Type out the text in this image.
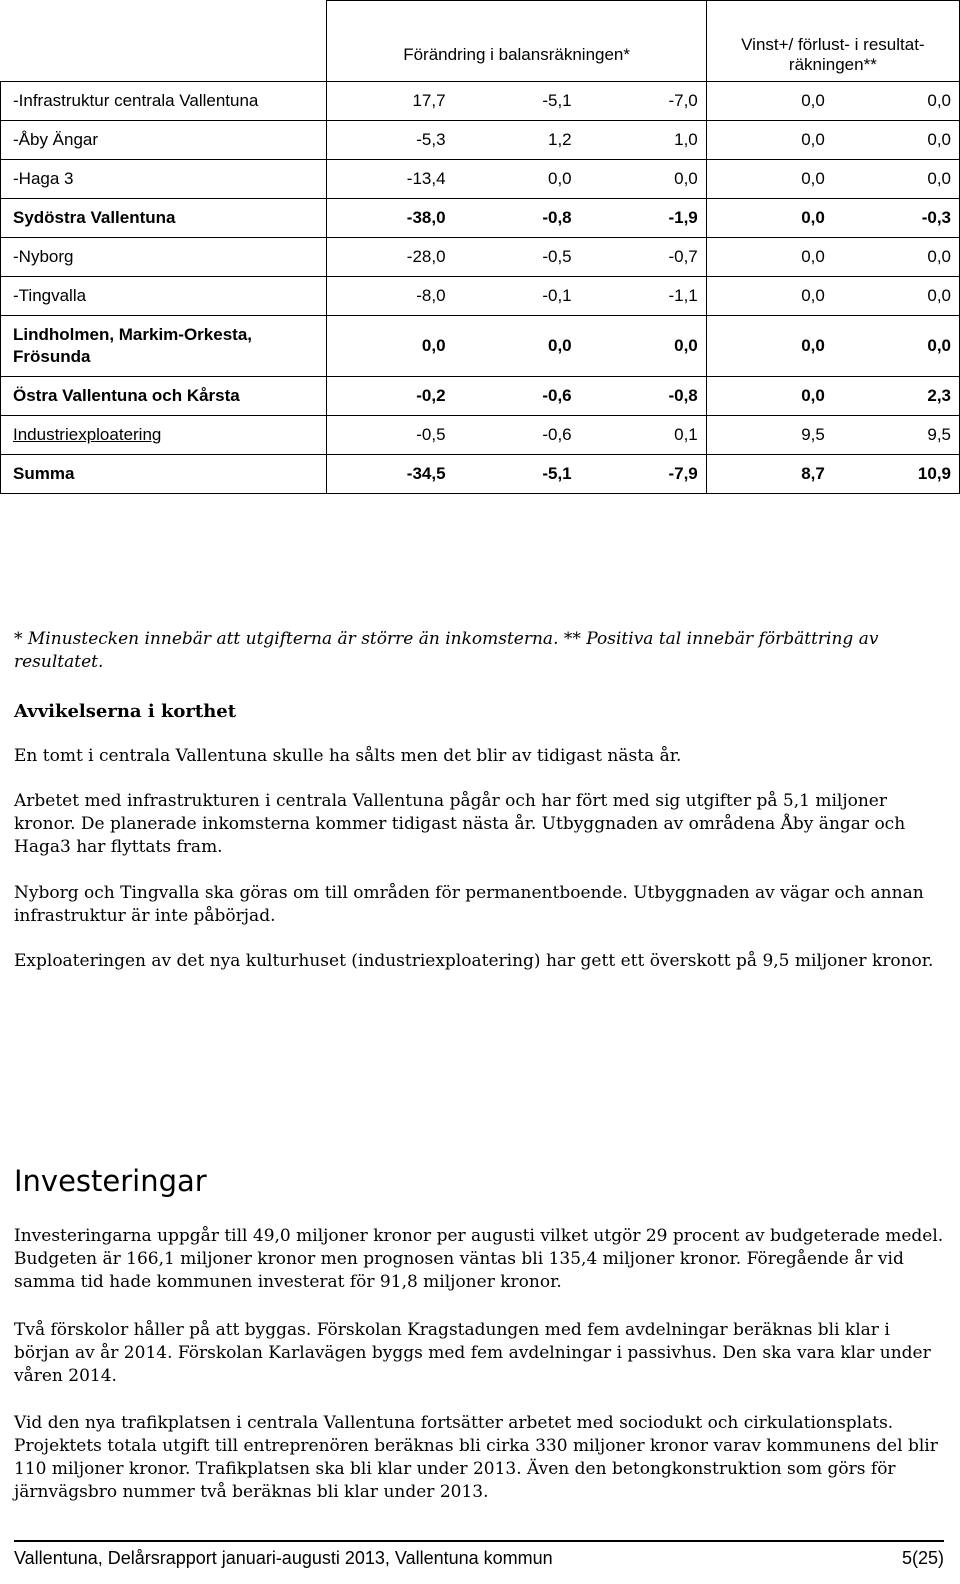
	Förändring i balansräkningen*			Vinst+/ förlust- i resultat-räkningen**	
-Infrastruktur centrala Vallentuna	17,7	-5,1	-7,0	0,0	0,0
-Åby Ängar	-5,3	1,2	1,0	0,0	0,0
-Haga 3	-13,4	0,0	0,0	0,0	0,0
Sydöstra Vallentuna	-38,0	-0,8	-1,9	0,0	-0,3
-Nyborg	-28,0	-0,5	-0,7	0,0	0,0
-Tingvalla	-8,0	-0,1	-1,1	0,0	0,0
Lindholmen, Markim-Orkesta, Frösunda	0,0	0,0	0,0	0,0	0,0
Östra Vallentuna och Kårsta	-0,2	-0,6	-0,8	0,0	2,3
Industriexploatering	-0,5	-0,6	0,1	9,5	9,5
Summa	-34,5	-5,1	-7,9	8,7	10,9

* Minustecken innebär att utgifterna är större än inkomsterna. ** Positiva tal innebär förbättring av resultatet.

Avvikelserna i korthet

En tomt i centrala Vallentuna skulle ha sålts men det blir av tidigast nästa år.

Arbetet med infrastrukturen i centrala Vallentuna pågår och har fört med sig utgifter på 5,1 miljoner kronor. De planerade inkomsterna kommer tidigast nästa år. Utbyggnaden av områdena Åby ängar och Haga3 har flyttats fram.

Nyborg och Tingvalla ska göras om till områden för permanentboende. Utbyggnaden av vägar och annan infrastruktur är inte påbörjad.

Exploateringen av det nya kulturhuset (industriexploatering) har gett ett överskott på 9,5 miljoner kronor.

Investeringar

Investeringarna uppgår till 49,0 miljoner kronor per augusti vilket utgör 29 procent av budgeterade medel. Budgeten är 166,1 miljoner kronor men prognosen väntas bli 135,4 miljoner kronor. Föregående år vid samma tid hade kommunen investerat för 91,8 miljoner kronor.

Två förskolor håller på att byggas. Förskolan Kragstadungen med fem avdelningar beräknas bli klar i början av år 2014. Förskolan Karlavägen byggs med fem avdelningar i passivhus. Den ska vara klar under våren 2014.

Vid den nya trafikplatsen i centrala Vallentuna fortsätter arbetet med sociodukt och cirkulationsplats. Projektets totala utgift till entreprenören beräknas bli cirka 330 miljoner kronor varav kommunens del blir 110 miljoner kronor. Trafikplatsen ska bli klar under 2013. Även den betongkonstruktion som görs för järnvägsbro nummer två beräknas bli klar under 2013.

Vallentuna, Delårsrapport januari-augusti 2013, Vallentuna kommun	5(25)
